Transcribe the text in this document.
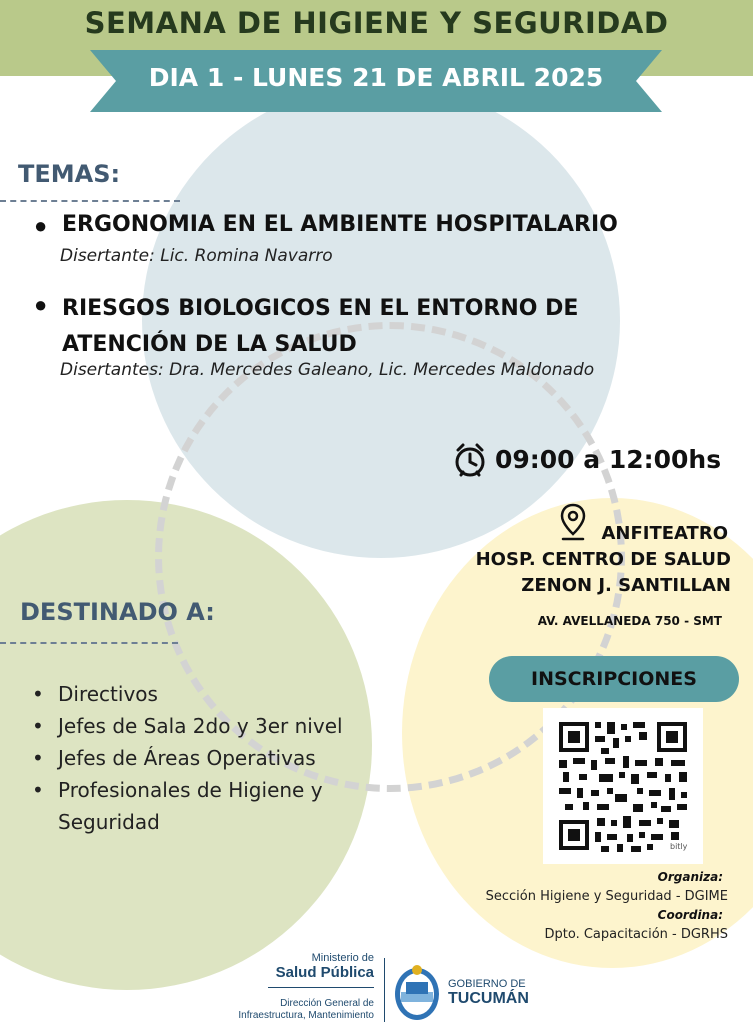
SEMANA DE HIGIENE Y SEGURIDAD
DIA 1 - LUNES 21 DE ABRIL 2025
TEMAS:
● ERGONOMIA EN EL AMBIENTE HOSPITALARIO
Disertante: Lic. Romina Navarro
● RIESGOS BIOLOGICOS EN EL ENTORNO DE ATENCIÓN DE LA SALUD
Disertantes: Dra. Mercedes Galeano, Lic. Mercedes Maldonado
09:00 a 12:00hs
ANFITEATRO
HOSP. CENTRO DE SALUD
ZENON J. SANTILLAN
AV. AVELLANEDA 750 - SMT
DESTINADO A:
• Directivos
• Jefes de Sala 2do y 3er nivel
• Jefes de Áreas Operativas
• Profesionales de Higiene y Seguridad
INSCRIPCIONES
bitly
Organiza:
Sección Higiene y Seguridad - DGIME
Coordina:
Dpto. Capacitación - DGRHS
Ministerio de
Salud Pública
Dirección General de
Infraestructura, Mantenimiento
GOBIERNO DE
TUCUMÁN
